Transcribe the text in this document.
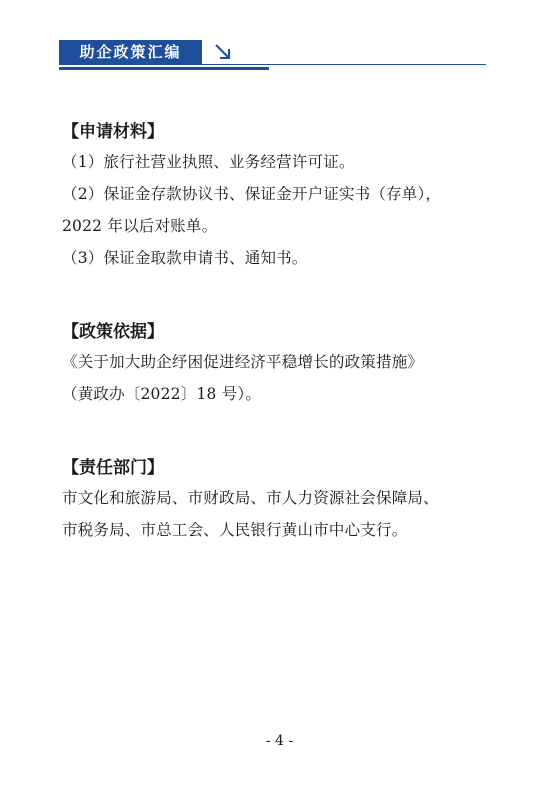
助企政策汇编
【申请材料】
（1）旅行社营业执照、业务经营许可证。
（2）保证金存款协议书、保证金开户证实书（存单），
2022 年以后对账单。
（3）保证金取款申请书、通知书。
【政策依据】
《关于加大助企纾困促进经济平稳增长的政策措施》
（黄政办〔2022〕18 号）。
【责任部门】
市文化和旅游局、市财政局、市人力资源社会保障局、
市税务局、市总工会、人民银行黄山市中心支行。
- 4 -
